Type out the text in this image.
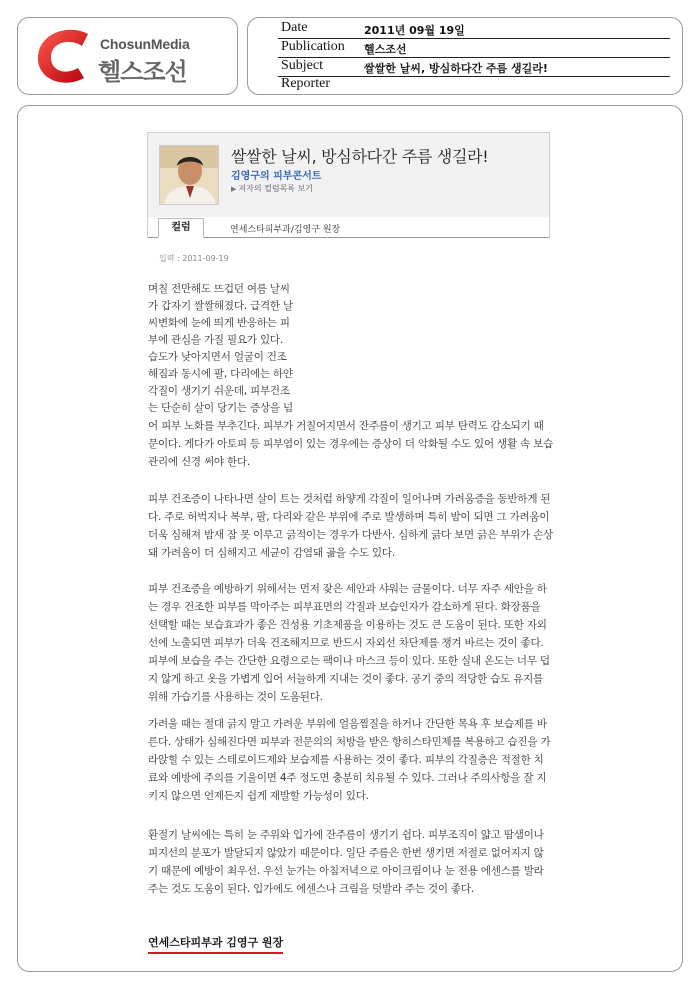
ChosunMedia
헬스조선
Date	2011년 09월 19일
Publication 헬스조선
Subject	쌀쌀한 날씨, 방심하다간 주름 생길라!
Reporter
쌀쌀한 날씨, 방심하다간 주름 생길라!
김영구의 피부콘서트
▶ 저자의 컬럼목록 보기
컬럼	연세스타피부과/김영구 원장
입력 : 2011-09-19
며칠 전만해도 뜨겁던 여름 날씨
가 갑자기 쌀쌀해졌다. 급격한 날
씨변화에 눈에 띄게 반응하는 피
부에 관심을 가질 필요가 있다.
습도가 낮아지면서 얼굴이 건조
해짐과 동시에 팔, 다리에는 하얀
각질이 생기기 쉬운데, 피부건조
는 단순히 살이 당기는 증상을 넘
어 피부 노화를 부추긴다. 피부가 거칠어지면서 잔주름이 생기고 피부 탄력도 감소되기 때문이다. 게다가 아토피 등 피부염이 있는 경우에는 증상이 더 악화될 수도 있어 생활 속 보습 관리에 신경 써야 한다.
피부 건조증이 나타나면 살이 트는 것처럼 하얗게 각질이 일어나며 가려움증을 동반하게 된다. 주로 허벅지나 복부, 팔, 다리와 같은 부위에 주로 발생하며 특히 밤이 되면 그 가려움이 더욱 심해져 밤새 잠 못 이루고 긁적이는 경우가 다반사. 심하게 긁다 보면 긁은 부위가 손상돼 가려움이 더 심해지고 세균이 감염돼 곪을 수도 있다.
피부 건조증을 예방하기 위해서는 먼저 잦은 세안과 샤워는 금물이다. 너무 자주 세안을 하는 경우 건조한 피부를 막아주는 피부표면의 각질과 보습인자가 감소하게 된다. 화장품을 선택할 때는 보습효과가 좋은 건성용 기초제품을 이용하는 것도 큰 도움이 된다. 또한 자외선에 노출되면 피부가 더욱 건조해지므로 반드시 자외선 차단제를 챙겨 바르는 것이 좋다. 피부에 보습을 주는 간단한 요령으로는 팩이나 마스크 등이 있다. 또한 실내 온도는 너무 덥지 않게 하고 옷을 가볍게 입어 서늘하게 지내는 것이 좋다. 공기 중의 적당한 습도 유지를 위해 가습기를 사용하는 것이 도움된다.
가려울 때는 절대 긁지 말고 가려운 부위에 얼음찜질을 하거나 간단한 목욕 후 보습제를 바른다. 상태가 심해진다면 피부과 전문의의 처방을 받은 항히스타민제를 복용하고 습진을 가라앉힐 수 있는 스테로이드제와 보습제를 사용하는 것이 좋다. 피부의 각질층은 적절한 치료와 예방에 주의를 기울이면 4주 정도면 충분히 치유될 수 있다. 그러나 주의사항을 잘 지키지 않으면 언제든지 쉽게 재발할 가능성이 있다.
환절기 날씨에는 특히 눈 주위와 입가에 잔주름이 생기기 쉽다. 피부조직이 얇고 땀샘이나 피지선의 분포가 발달되지 않았기 때문이다. 일단 주름은 한번 생기면 저절로 없어지지 않기 때문에 예방이 최우선. 우선 눈가는 아침저녁으로 아이크림이나 눈 전용 에센스를 발라주는 것도 도움이 된다. 입가에도 에센스나 크림을 덧발라 주는 것이 좋다.
연세스타피부과 김영구 원장
